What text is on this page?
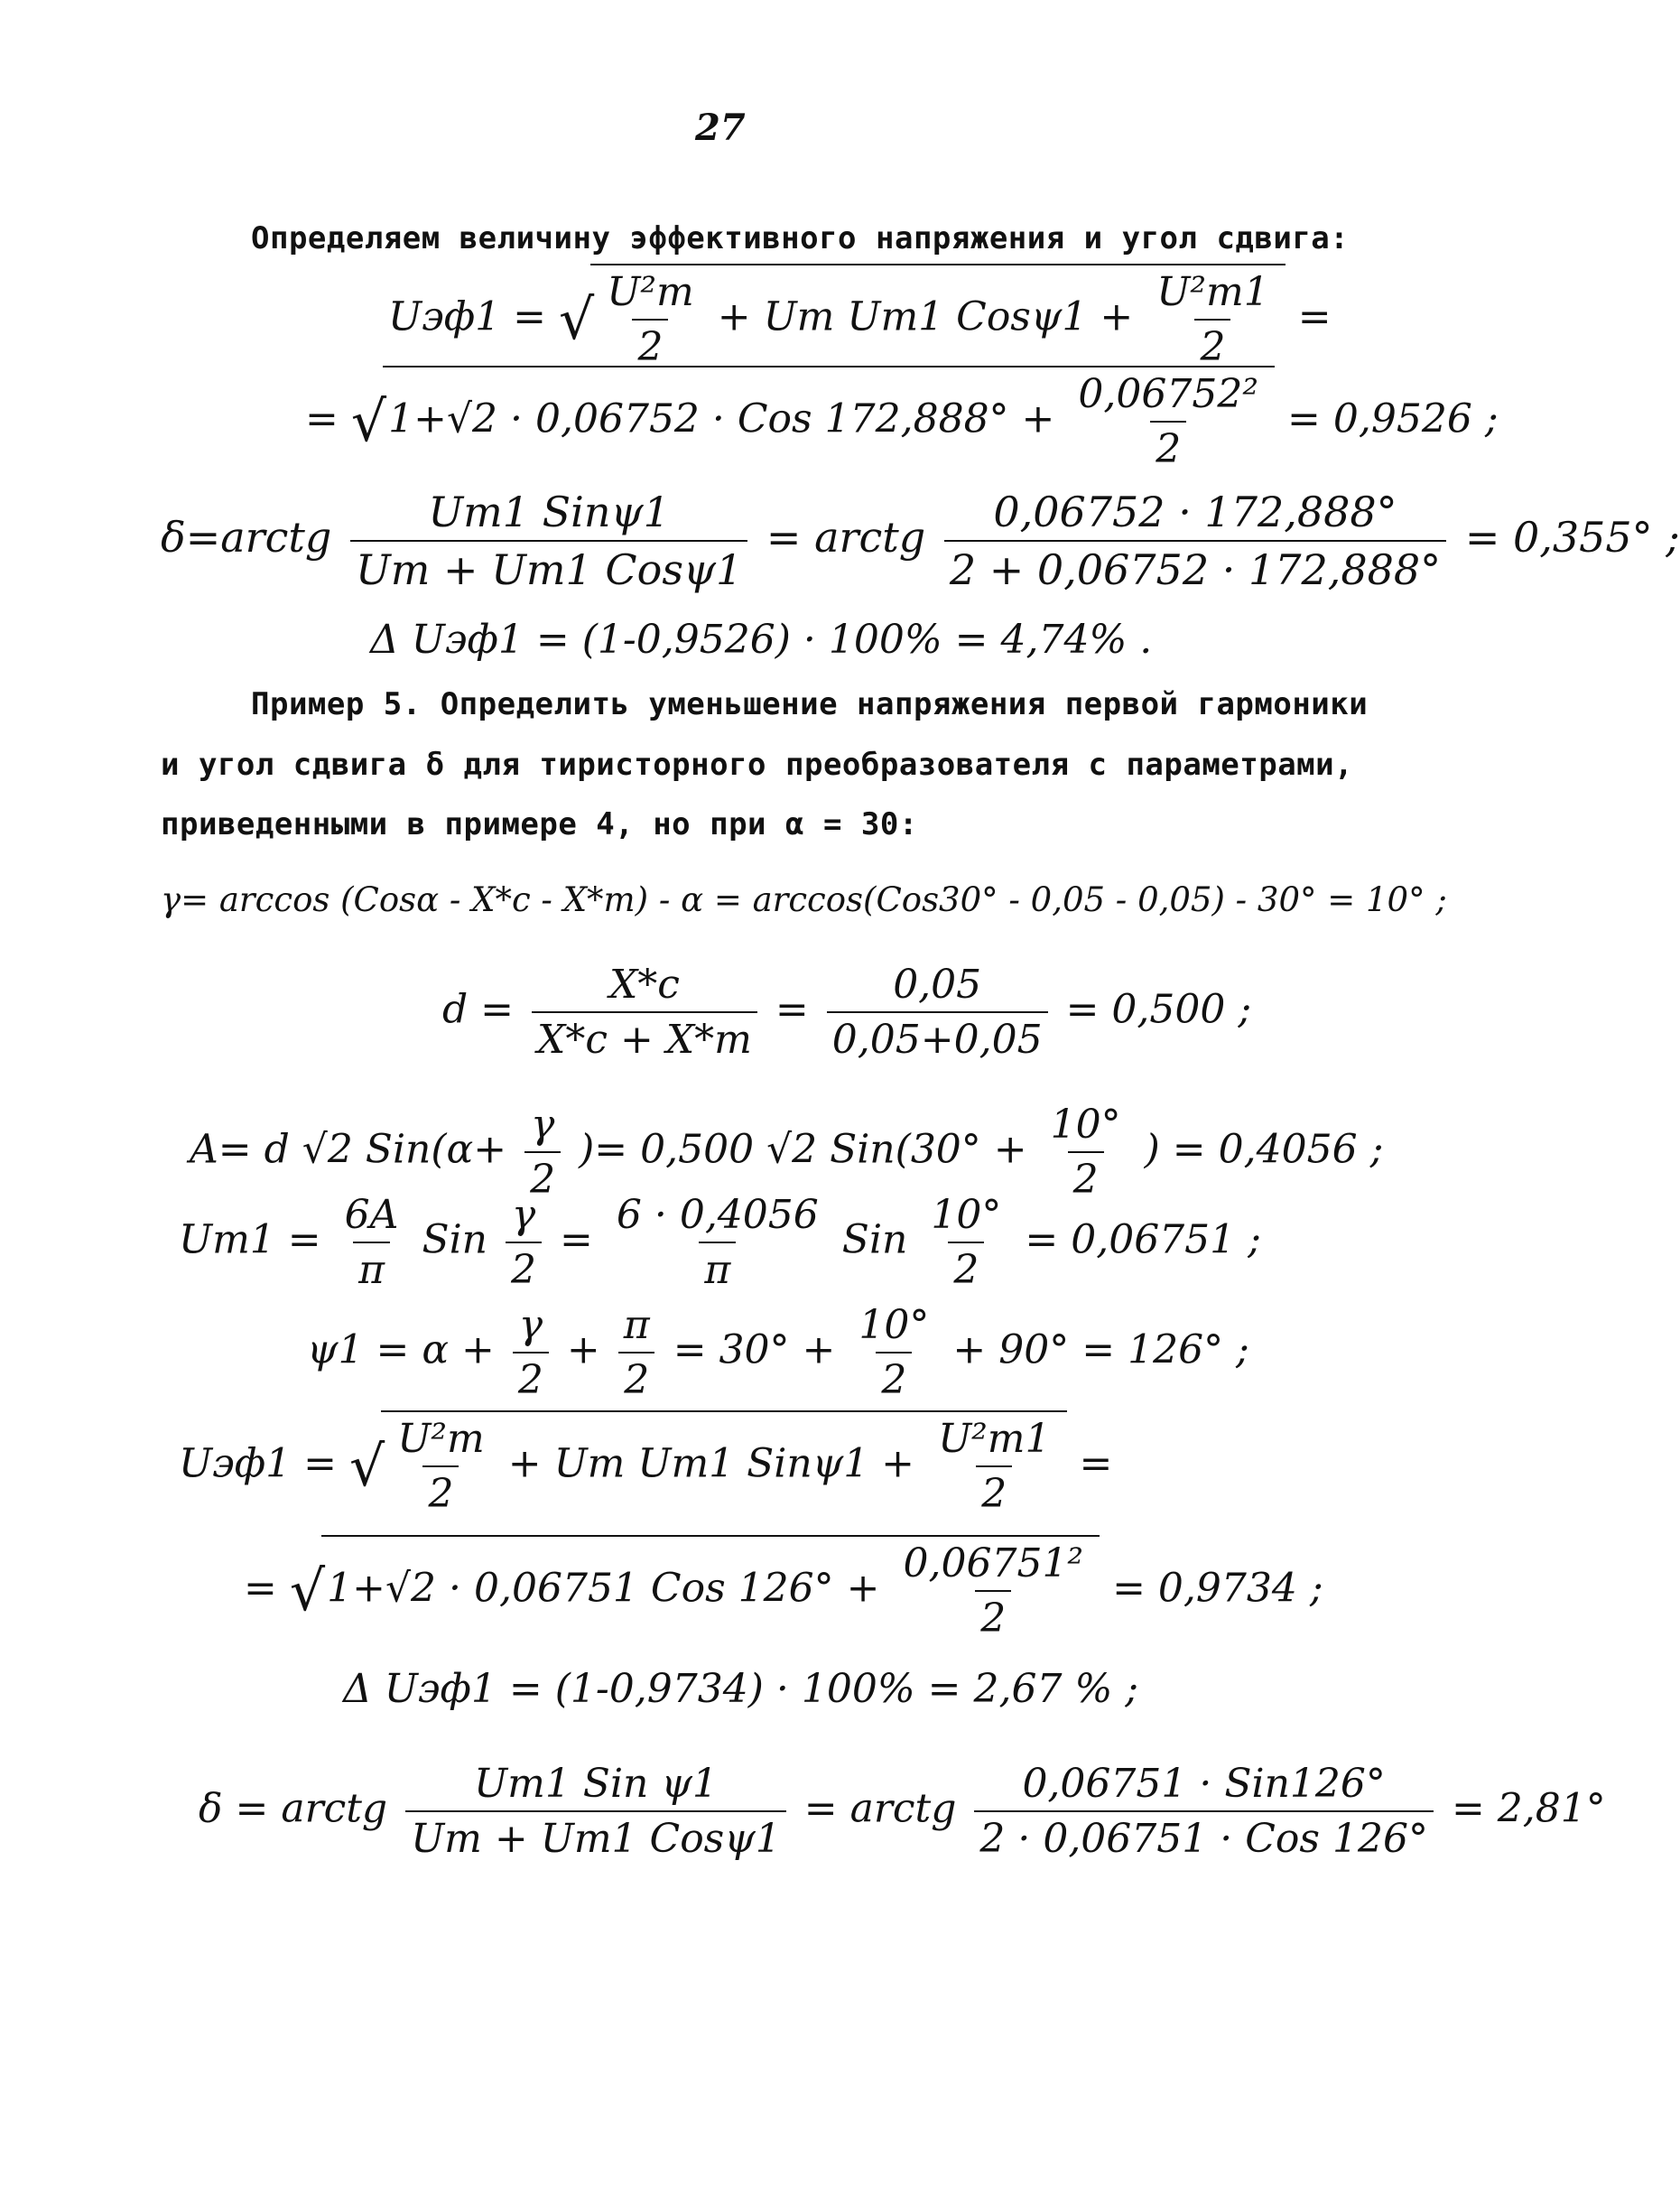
27
Определяем величину эффективного напряжения и угол сдвига:
Uэф1 = √ $\frac{\text{U²m}}{2} + Um$ Um1 $Cos\psi 1 + \frac{\text{U²m1}}{2}$ =
= √1+√2 · 0,06752 · Cos $172,888^\circ + \frac{\text{0,06752²}}{2} = 0,9526$ ;
δ=arctg $\frac{\text{Um1 Sinψ1}}{\text{Um + Um1 Cosψ1}}$ = arctg $\frac{0,06752 \cdot 172,888^\circ}{2 + 0,06752 \cdot 172,888^\circ} = 0,355^\circ$ ;
Δ Uэф1 = (1-0,9526) · 100% = 4,74% .
Пример 5. Определить уменьшение напряжения первой гармоники
и угол сдвига δ для тиристорного преобразователя с параметрами,
приведенными в примере 4, но при α = 30:
γ= arccos (Cosα - X*c - X*т) - α = arccos(Cos30° - 0,05 - 0,05) - 30° = 10° ;
$d = \frac{X*c}{X*c + X*т} = \frac{0,05}{0,05+0,05} = 0,500$ ;
A= d √2 $Sin(\alpha+ \frac{\gamma}{2}$ )= 0,500 √2 $Sin(30^\circ + \frac{10^\circ}{2}$ ) = 0,4056 ;
$Um1 = \frac{6A}{\pi}$ Sin $\frac{\gamma}{2} = \frac{6 \cdot 0,4056}{\pi}$ Sin $\frac{10^\circ}{2} = 0,06751$ ;
$\psi 1 = \alpha + \frac{\gamma}{2} + \frac{\pi}{2} = 30^\circ + \frac{10^\circ}{2} + 90^\circ = 126^\circ$ ;
Uэф1 = √ $\frac{\text{U²m}}{2} + Um$ Um1 $Sin\psi 1 + \frac{\text{U²m1}}{2}$ =
= √1+√2 · 0,06751 Cos $126^\circ + \frac{\text{0,06751²}}{2} = 0,9734$ ;
Δ Uэф1 = (1-0,9734) · 100% = 2,67 % ;
δ = arctg $\frac{\text{Um1 Sin ψ1}}{\text{Um + Um1 Cosψ1}}$ = arctg $\frac{\text{0,06751 · Sin126°}}{\text{2 · 0,06751 · Cos 126°}} = 2,81^\circ$
